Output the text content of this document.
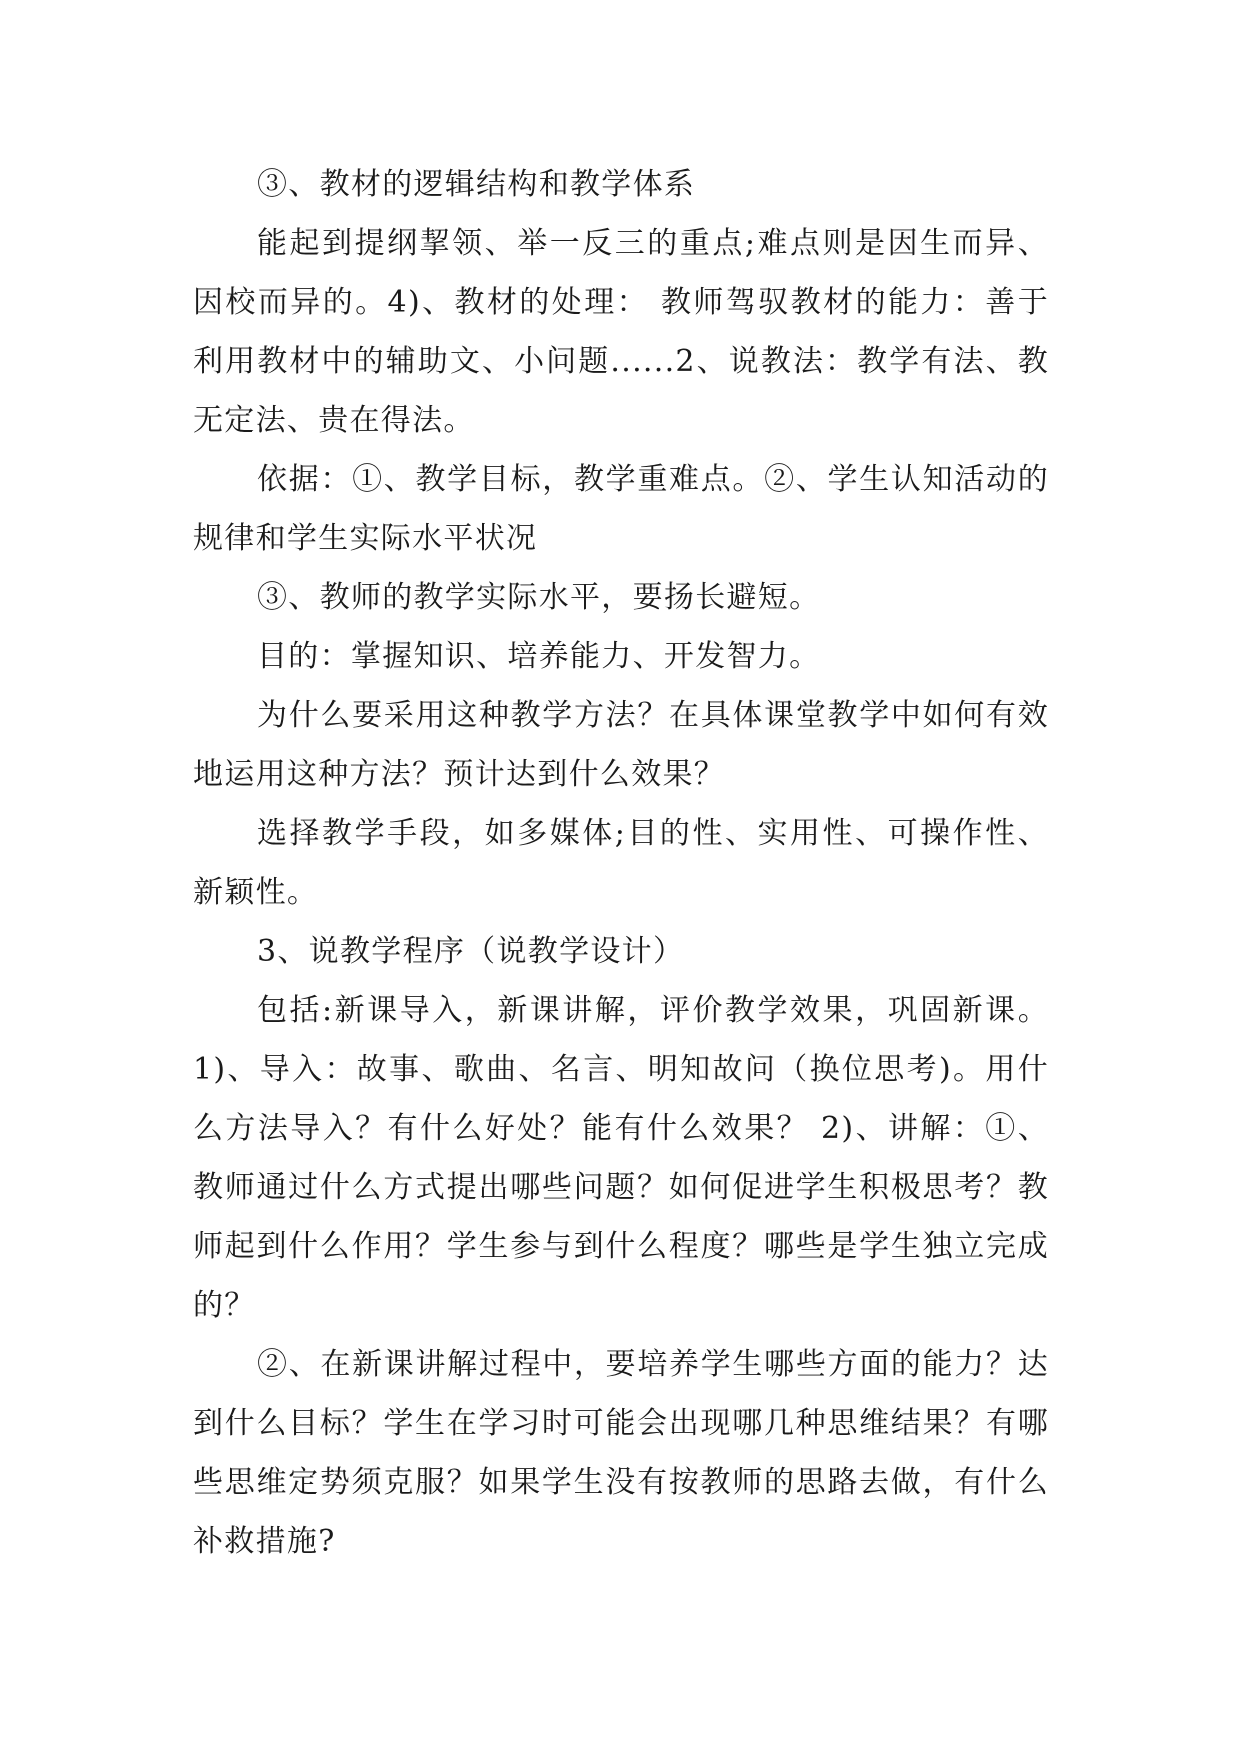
③、教材的逻辑结构和教学体系

能起到提纲挈领、举一反三的重点;难点则是因生而异、因校而异的。4)、教材的处理： 教师驾驭教材的能力：善于利用教材中的辅助文、小问题......2、说教法：教学有法、教无定法、贵在得法。

依据：①、教学目标，教学重难点。②、学生认知活动的规律和学生实际水平状况

③、教师的教学实际水平，要扬长避短。

目的：掌握知识、培养能力、开发智力。

为什么要采用这种教学方法？在具体课堂教学中如何有效地运用这种方法？预计达到什么效果？

选择教学手段，如多媒体;目的性、实用性、可操作性、新颖性。

3、说教学程序（说教学设计）

包括:新课导入，新课讲解，评价教学效果，巩固新课。1)、导入：故事、歌曲、名言、明知故问（换位思考)。用什么方法导入？有什么好处？能有什么效果？ 2)、讲解：①、教师通过什么方式提出哪些问题？如何促进学生积极思考？教师起到什么作用？学生参与到什么程度？哪些是学生独立完成的？

②、在新课讲解过程中，要培养学生哪些方面的能力？达到什么目标？学生在学习时可能会出现哪几种思维结果？有哪些思维定势须克服？如果学生没有按教师的思路去做，有什么补救措施?
